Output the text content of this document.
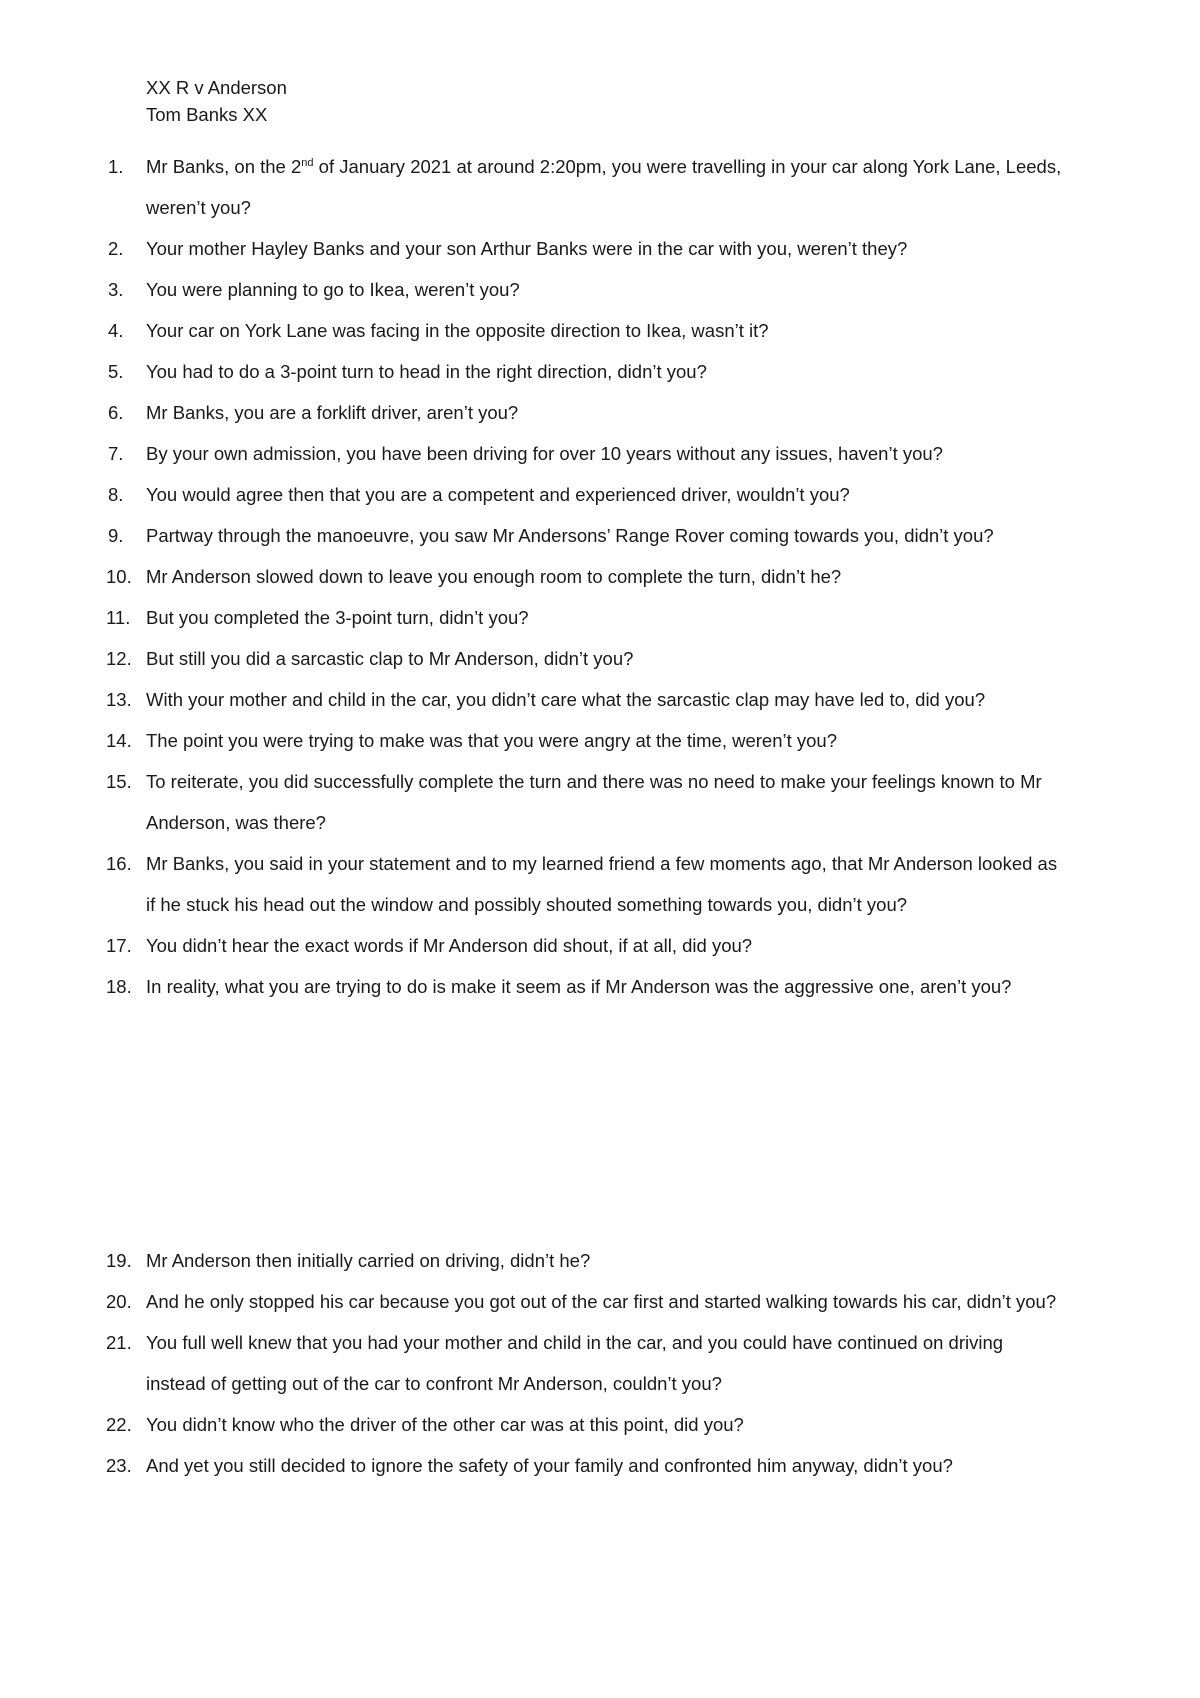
XX R v Anderson
Tom Banks XX
1.	Mr Banks, on the 2nd of January 2021 at around 2:20pm, you were travelling in your car along York Lane, Leeds, weren’t you?
2.	Your mother Hayley Banks and your son Arthur Banks were in the car with you, weren’t they?
3.	You were planning to go to Ikea, weren’t you?
4.	Your car on York Lane was facing in the opposite direction to Ikea, wasn’t it?
5.	You had to do a 3-point turn to head in the right direction, didn’t you?
6.	Mr Banks, you are a forklift driver, aren’t you?
7.	By your own admission, you have been driving for over 10 years without any issues, haven’t you?
8.	You would agree then that you are a competent and experienced driver, wouldn’t you?
9.	Partway through the manoeuvre, you saw Mr Andersons’ Range Rover coming towards you, didn’t you?
10. Mr Anderson slowed down to leave you enough room to complete the turn, didn’t he?
11. But you completed the 3-point turn, didn’t you?
12. But still you did a sarcastic clap to Mr Anderson, didn’t you?
13. With your mother and child in the car, you didn’t care what the sarcastic clap may have led to, did you?
14. The point you were trying to make was that you were angry at the time, weren’t you?
15. To reiterate, you did successfully complete the turn and there was no need to make your feelings known to Mr Anderson, was there?
16. Mr Banks, you said in your statement and to my learned friend a few moments ago, that Mr Anderson looked as if he stuck his head out the window and possibly shouted something towards you, didn’t you?
17. You didn’t hear the exact words if Mr Anderson did shout, if at all, did you?
18. In reality, what you are trying to do is make it seem as if Mr Anderson was the aggressive one, aren’t you?
19. Mr Anderson then initially carried on driving, didn’t he?
20. And he only stopped his car because you got out of the car first and started walking towards his car, didn’t you?
21. You full well knew that you had your mother and child in the car, and you could have continued on driving instead of getting out of the car to confront Mr Anderson, couldn’t you?
22. You didn’t know who the driver of the other car was at this point, did you?
23. And yet you still decided to ignore the safety of your family and confronted him anyway, didn’t you?
